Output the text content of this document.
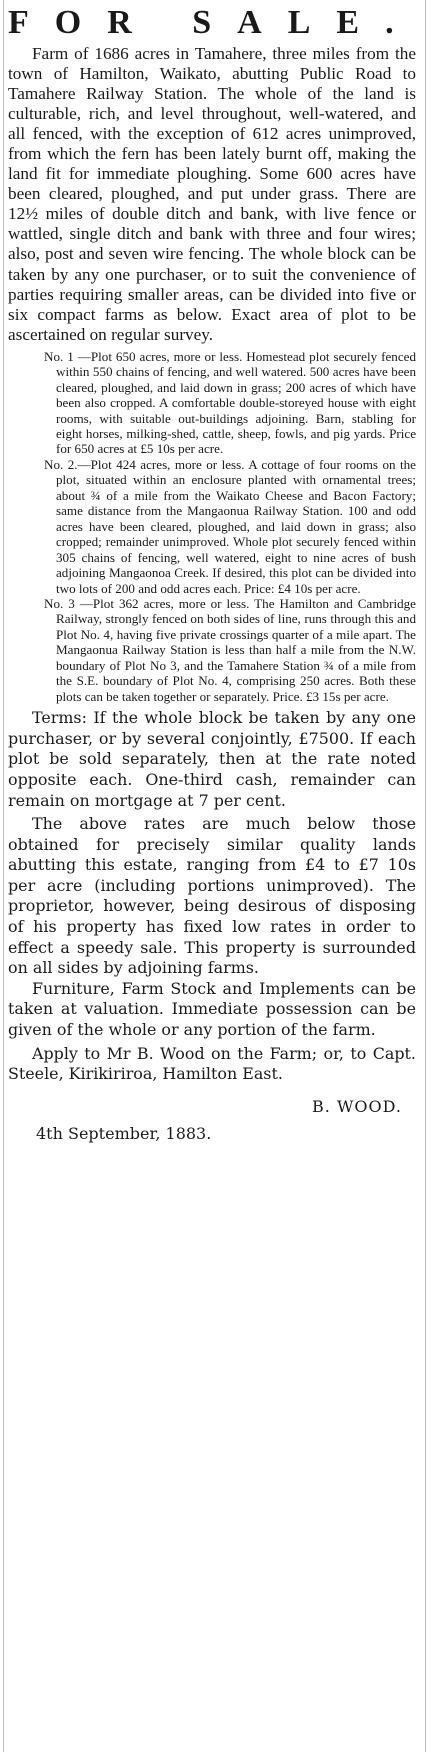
FOR SALE.

Farm of 1686 acres in Tamahere, three miles from the town of Hamilton, Waikato, abutting Public Road to Tamahere Railway Station. The whole of the land is culturable, rich, and level throughout, well-watered, and all fenced, with the exception of 612 acres unimproved, from which the fern has been lately burnt off, making the land fit for immediate ploughing. Some 600 acres have been cleared, ploughed, and put under grass. There are 12½ miles of double ditch and bank, with live fence or wattled, single ditch and bank with three and four wires; also, post and seven wire fencing. The whole block can be taken by any one purchaser, or to suit the convenience of parties requiring smaller areas, can be divided into five or six compact farms as below. Exact area of plot to be ascertained on regular survey.

No. 1 —Plot 650 acres, more or less. Homestead plot securely fenced within 550 chains of fencing, and well watered. 500 acres have been cleared, ploughed, and laid down in grass; 200 acres of which have been also cropped. A comfortable double-storeyed house with eight rooms, with suitable out-buildings adjoining. Barn, stabling for eight horses, milking-shed, cattle, sheep, fowls, and pig yards. Price for 650 acres at £5 10s per acre.

No. 2.—Plot 424 acres, more or less. A cottage of four rooms on the plot, situated within an enclosure planted with ornamental trees; about ¾ of a mile from the Waikato Cheese and Bacon Factory; same distance from the Mangaonua Railway Station. 100 and odd acres have been cleared, ploughed, and laid down in grass; also cropped; remainder unimproved. Whole plot securely fenced within 305 chains of fencing, well watered, eight to nine acres of bush adjoining Mangaonoa Creek. If desired, this plot can be divided into two lots of 200 and odd acres each. Price: £4 10s per acre.

No. 3 —Plot 362 acres, more or less. The Hamilton and Cambridge Railway, strongly fenced on both sides of line, runs through this and Plot No. 4, having five private crossings quarter of a mile apart. The Mangaonua Railway Station is less than half a mile from the N.W. boundary of Plot No 3, and the Tamahere Station ¾ of a mile from the S.E. boundary of Plot No. 4, comprising 250 acres. Both these plots can be taken together or separately. Price. £3 15s per acre.

Terms: If the whole block be taken by any one purchaser, or by several conjointly, £7500. If each plot be sold separately, then at the rate noted opposite each. One-third cash, remainder can remain on mortgage at 7 per cent.

The above rates are much below those obtained for precisely similar quality lands abutting this estate, ranging from £4 to £7 10s per acre (including portions unimproved). The proprietor, however, being desirous of disposing of his property has fixed low rates in order to effect a speedy sale. This property is surrounded on all sides by adjoining farms.

Furniture, Farm Stock and Implements can be taken at valuation. Immediate possession can be given of the whole or any portion of the farm.

Apply to Mr B. Wood on the Farm; or, to Capt. Steele, Kirikiriroa, Hamilton East.

B. WOOD.
4th September, 1883.
